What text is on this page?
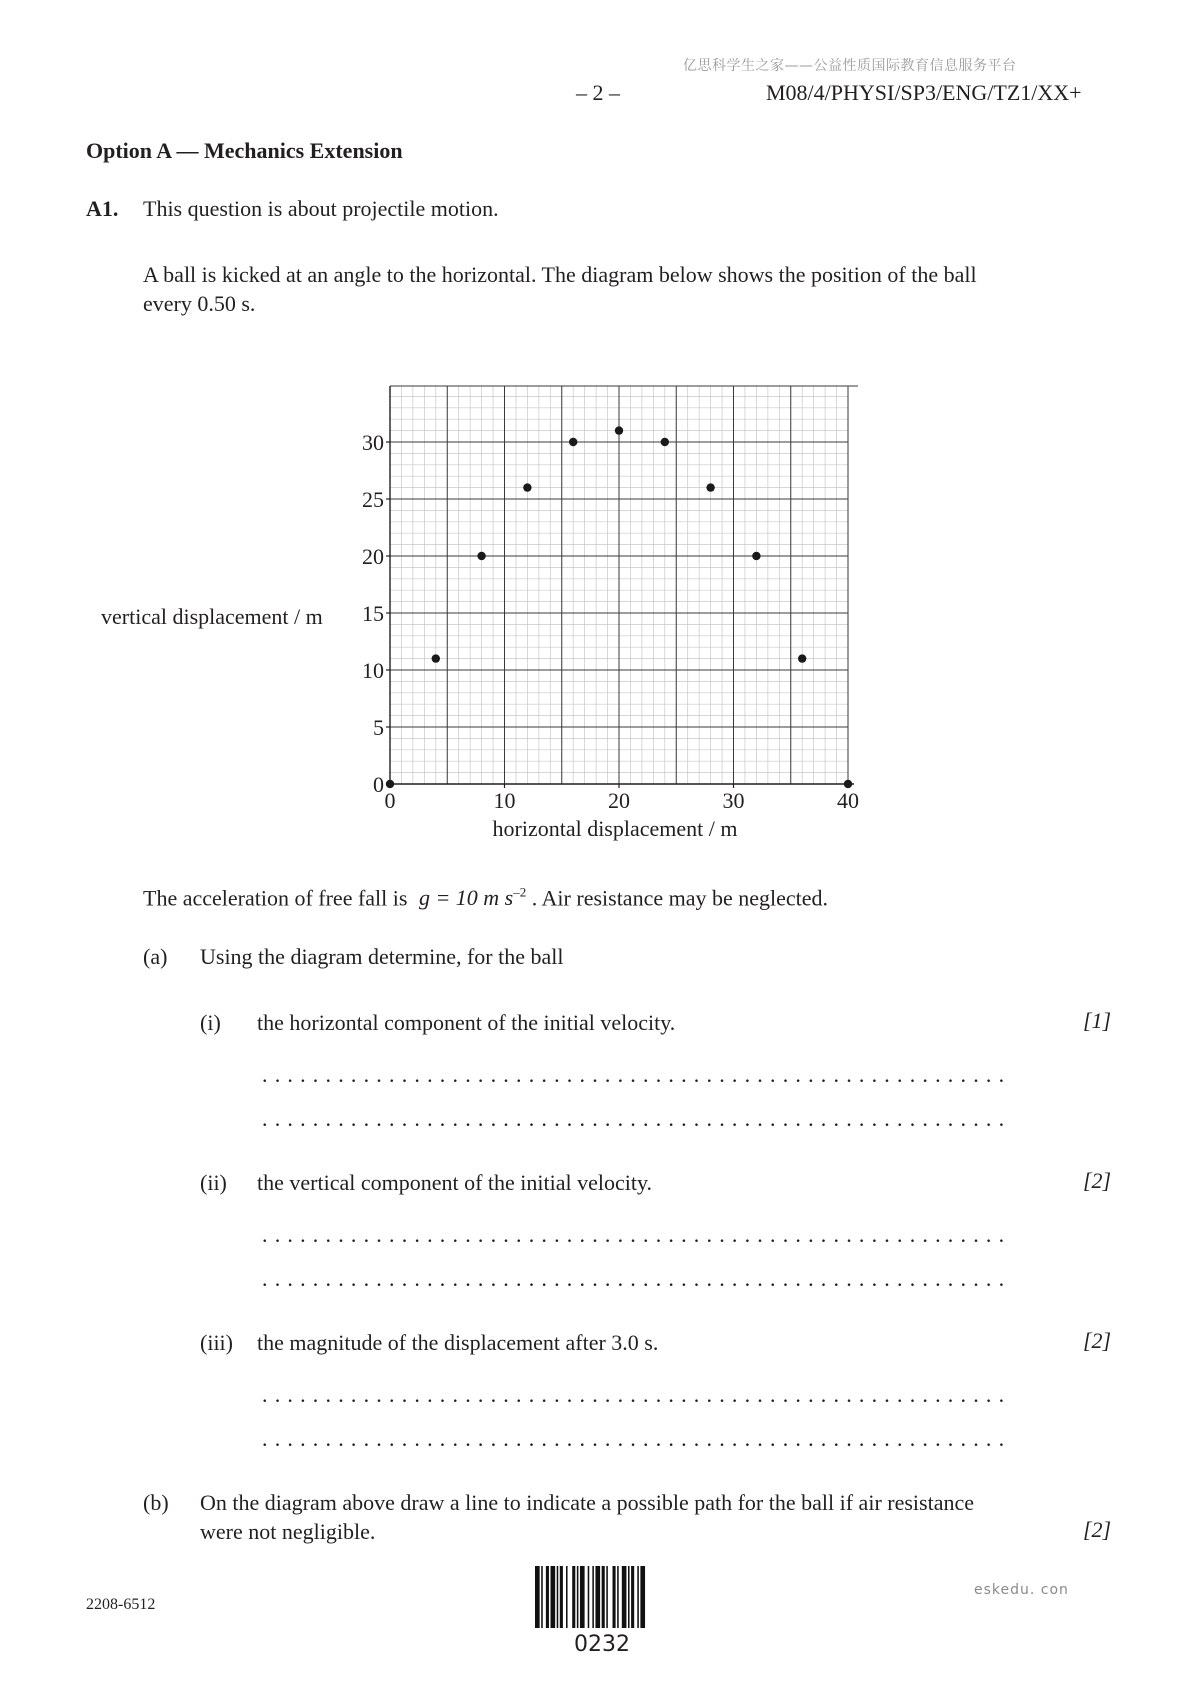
亿思科学生之家——公益性质国际教育信息服务平台
– 2 –	M08/4/PHYSI/SP3/ENG/TZ1/XX+
Option A — Mechanics Extension
A1. This question is about projectile motion.
A ball is kicked at an angle to the horizontal. The diagram below shows the position of the ball
every 0.50 s.
vertical displacement / m
0
5
10
15
20
25
30
0	10	20	30	40
horizontal displacement / m
The acceleration of free fall is g = 10 m $s^{-2}$ . Air resistance may be neglected.
(a) Using the diagram determine, for the ball
(i) the horizontal component of the initial velocity.	[1]
...........................................................
...........................................................
(ii) the vertical component of the initial velocity.	[2]
...........................................................
...........................................................
(iii) the magnitude of the displacement after 3.0 s.	[2]
...........................................................
...........................................................
(b) On the diagram above draw a line to indicate a possible path for the ball if air resistance
were not negligible.	[2]
2208-6512
0232
eskedu. con
